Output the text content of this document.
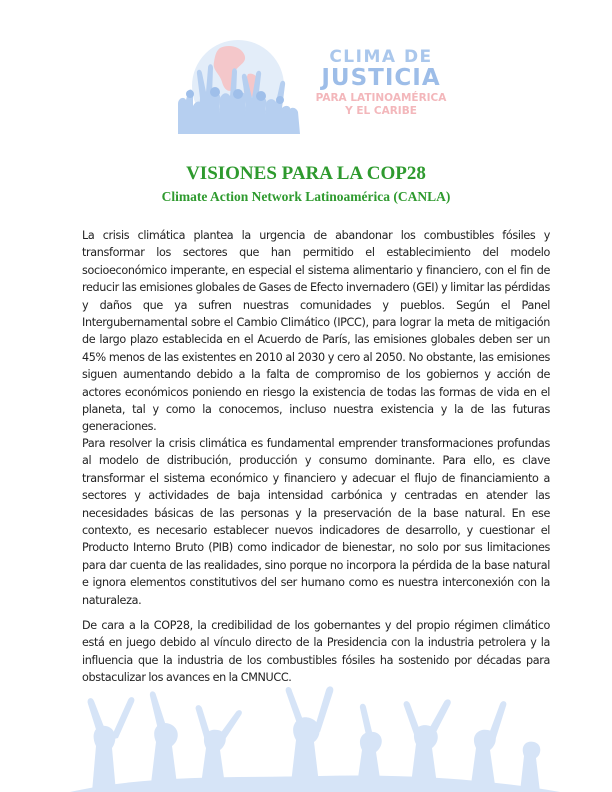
CLIMA DE
JUSTICIA
PARA LATINOAMÉRICA
Y EL CARIBE
VISIONES PARA LA COP28
Climate Action Network Latinoamérica (CANLA)

La crisis climática plantea la urgencia de abandonar los combustibles fósiles y transformar los sectores que han permitido el establecimiento del modelo socioeconómico imperante, en especial el sistema alimentario y financiero, con el fin de reducir las emisiones globales de Gases de Efecto invernadero (GEI) y limitar las pérdidas y daños que ya sufren nuestras comunidades y pueblos. Según el Panel Intergubernamental sobre el Cambio Climático (IPCC), para lograr la meta de mitigación de largo plazo establecida en el Acuerdo de París, las emisiones globales deben ser un 45% menos de las existentes en 2010 al 2030 y cero al 2050. No obstante, las emisiones siguen aumentando debido a la falta de compromiso de los gobiernos y acción de actores económicos poniendo en riesgo la existencia de todas las formas de vida en el planeta, tal y como la conocemos, incluso nuestra existencia y la de las futuras generaciones.

Para resolver la crisis climática es fundamental emprender transformaciones profundas al modelo de distribución, producción y consumo dominante. Para ello, es clave transformar el sistema económico y financiero y adecuar el flujo de financiamiento a sectores y actividades de baja intensidad carbónica y centradas en atender las necesidades básicas de las personas y la preservación de la base natural. En ese contexto, es necesario establecer nuevos indicadores de desarrollo, y cuestionar el Producto Interno Bruto (PIB) como indicador de bienestar, no solo por sus limitaciones para dar cuenta de las realidades, sino porque no incorpora la pérdida de la base natural e ignora elementos constitutivos del ser humano como es nuestra interconexión con la naturaleza.

De cara a la COP28, la credibilidad de los gobernantes y del propio régimen climático está en juego debido al vínculo directo de la Presidencia con la industria petrolera y la influencia que la industria de los combustibles fósiles ha sostenido por décadas para obstaculizar los avances en la CMNUCC.
